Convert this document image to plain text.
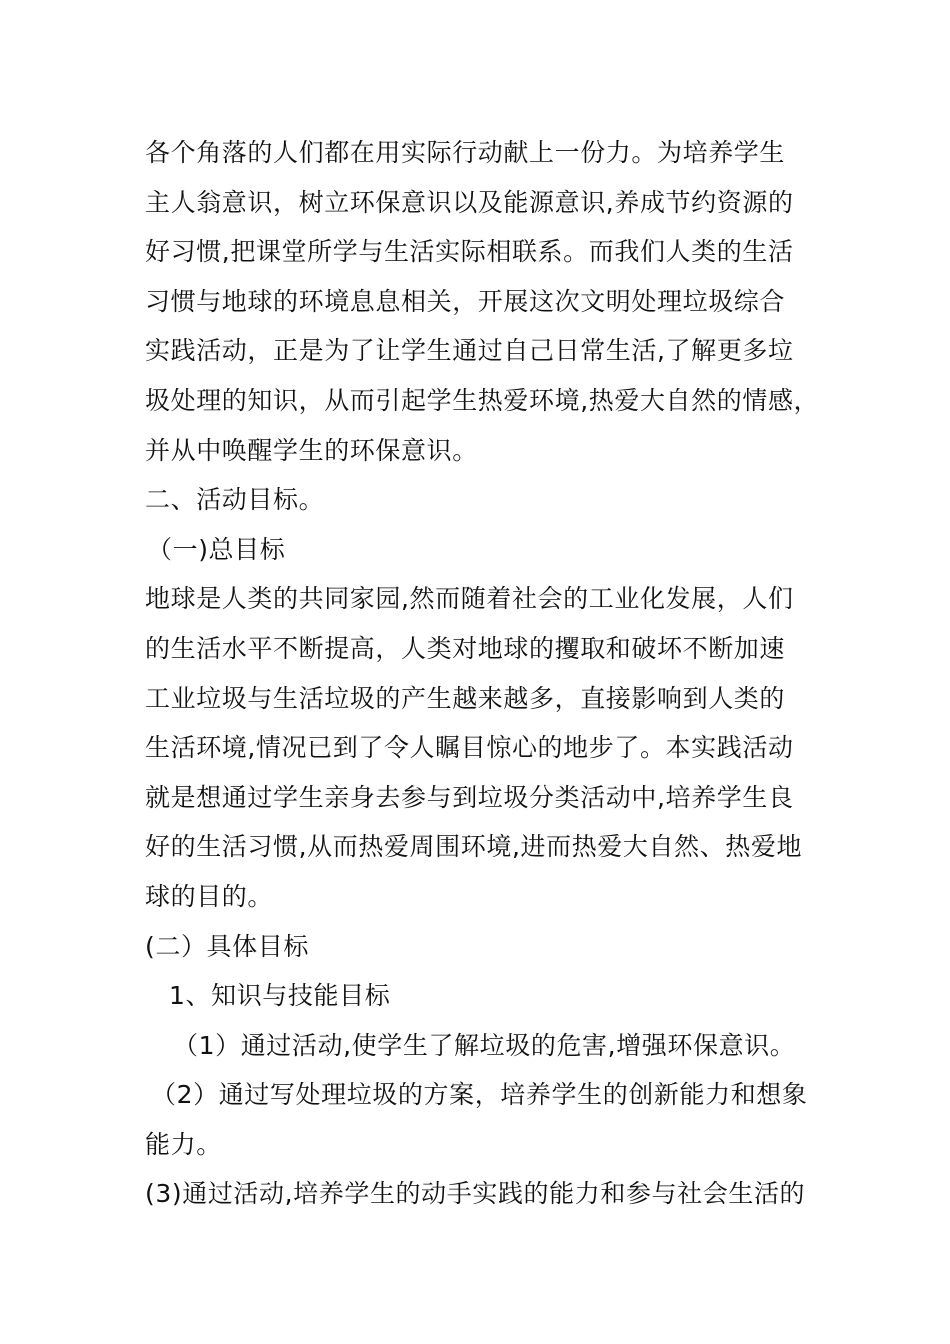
各个角落的人们都在用实际行动献上一份力。为培养学生
主人翁意识，树立环保意识以及能源意识,养成节约资源的
好习惯,把课堂所学与生活实际相联系。而我们人类的生活
习惯与地球的环境息息相关，开展这次文明处理垃圾综合
实践活动，正是为了让学生通过自己日常生活,了解更多垃
圾处理的知识，从而引起学生热爱环境,热爱大自然的情感，
并从中唤醒学生的环保意识。
二、活动目标。
（一)总目标
地球是人类的共同家园,然而随着社会的工业化发展，人们
的生活水平不断提高，人类对地球的攫取和破坏不断加速
工业垃圾与生活垃圾的产生越来越多，直接影响到人类的
生活环境,情况已到了令人瞩目惊心的地步了。本实践活动
就是想通过学生亲身去参与到垃圾分类活动中,培养学生良
好的生活习惯,从而热爱周围环境,进而热爱大自然、热爱地
球的目的。
(二）具体目标
1、知识与技能目标
（1）通过活动,使学生了解垃圾的危害,增强环保意识。
（2）通过写处理垃圾的方案，培养学生的创新能力和想象
能力。
(3)通过活动,培养学生的动手实践的能力和参与社会生活的
